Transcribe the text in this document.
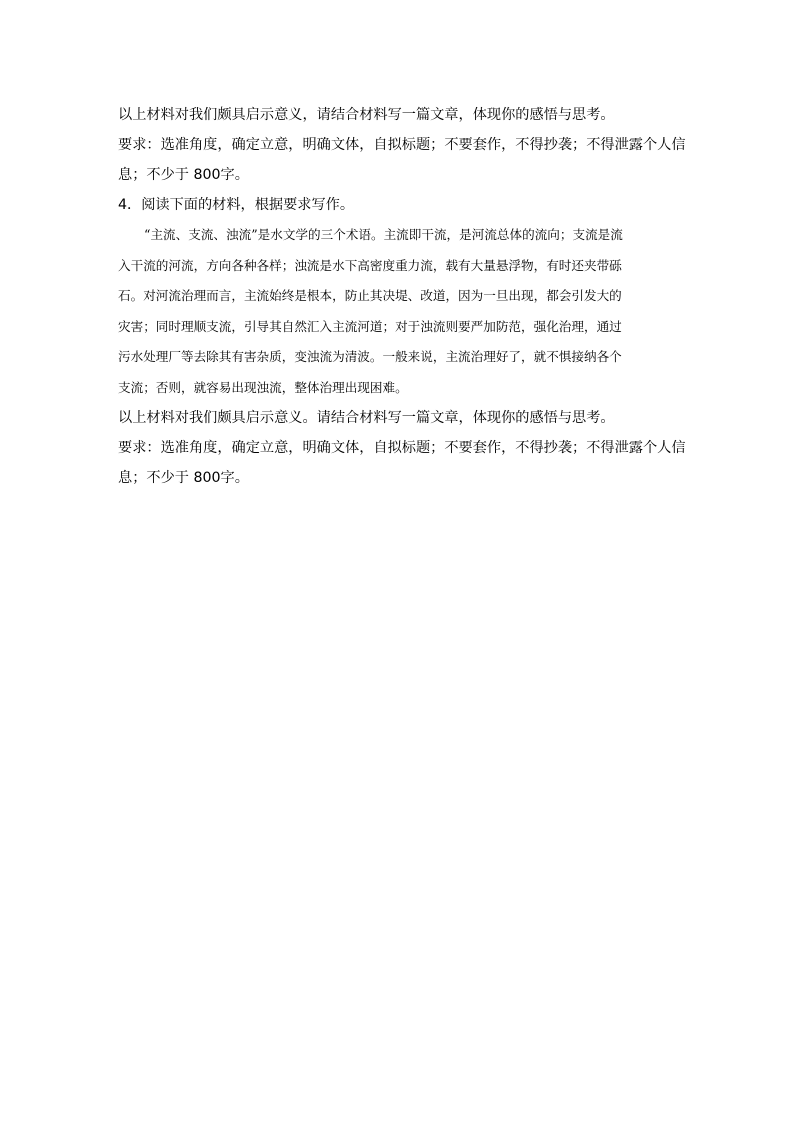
以上材料对我们颇具启示意义，请结合材料写一篇文章，体现你的感悟与思考。

要求：选准角度，确定立意，明确文体，自拟标题；不要套作，不得抄袭；不得泄露个人信

息；不少于 800字。

4．阅读下面的材料，根据要求写作。

“主流、支流、浊流”是水文学的三个术语。主流即干流，是河流总体的流向；支流是流

入干流的河流，方向各种各样；浊流是水下高密度重力流，载有大量悬浮物，有时还夹带砾

石。对河流治理而言，主流始终是根本，防止其决堤、改道，因为一旦出现，都会引发大的

灾害；同时理顺支流，引导其自然汇入主流河道；对于浊流则要严加防范，强化治理，通过

污水处理厂等去除其有害杂质，变浊流为清波。一般来说，主流治理好了，就不惧接纳各个

支流；否则，就容易出现浊流，整体治理出现困难。

以上材料对我们颇具启示意义。请结合材料写一篇文章，体现你的感悟与思考。

要求：选准角度，确定立意，明确文体，自拟标题；不要套作，不得抄袭；不得泄露个人信

息；不少于 800字。
